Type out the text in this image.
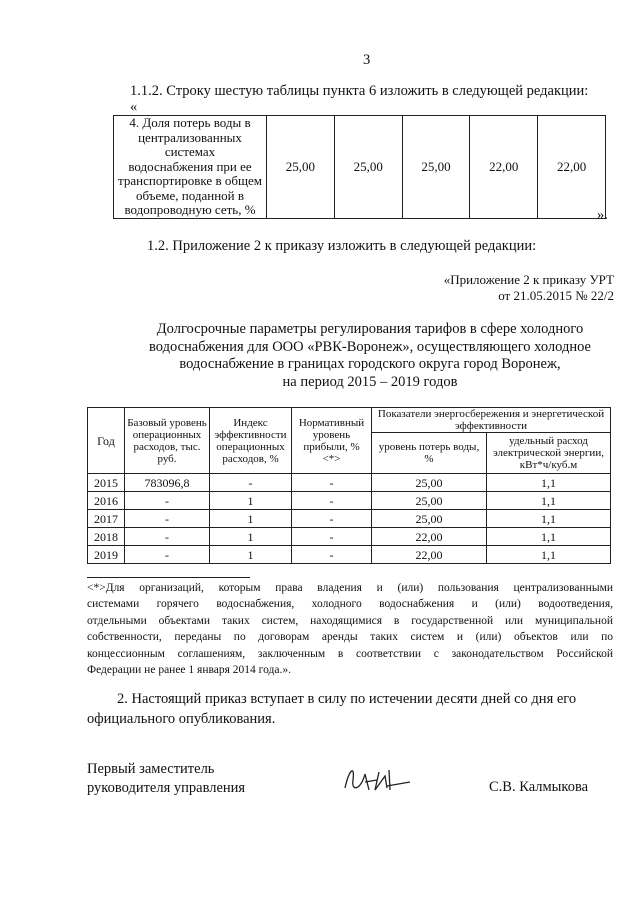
3
1.1.2. Строку шестую таблицы пункта 6 изложить в следующей редакции:
«
4. Доля потерь воды в
централизованных системах
водоснабжения при ее
транспортировке в общем
объеме, поданной в
водопроводную сеть, %
	25,00	25,00	25,00	22,00	22,00
».
1.2. Приложение 2 к приказу изложить в следующей редакции:
«Приложение 2 к приказу УРТ
от 21.05.2015 № 22/2
Долгосрочные параметры регулирования тарифов в сфере холодного
водоснабжения для ООО «РВК-Воронеж», осуществляющего холодное
водоснабжение в границах городского округа город Воронеж,
на период 2015 – 2019 годов
Год	Базовый уровень операционных расходов, тыс. руб.	Индекс эффективности операционных расходов, %	Нормативный уровень прибыли, % <*>	Показатели энергосбережения и энергетической эффективности	
				уровень потерь воды, %	удельный расход электрической энергии, кВт*ч/куб.м
2015	783096,8	-	-	25,00	1,1
2016	-	1	-	25,00	1,1
2017	-	1	-	25,00	1,1
2018	-	1	-	22,00	1,1
2019	-	1	-	22,00	1,1
<*>Для организаций, которым права владения и (или) пользования централизованными
системами горячего водоснабжения, холодного водоснабжения и (или) водоотведения,
отдельными объектами таких систем, находящимися в государственной или муниципальной
собственности, переданы по договорам аренды таких систем и (или) объектов или по
концессионным соглашениям, заключенным в соответствии с законодательством Российской
Федерации не ранее 1 января 2014 года.».
2. Настоящий приказ вступает в силу по истечении десяти дней со дня его
официального опубликования.
Первый заместитель
руководителя управления	С.В. Калмыкова
